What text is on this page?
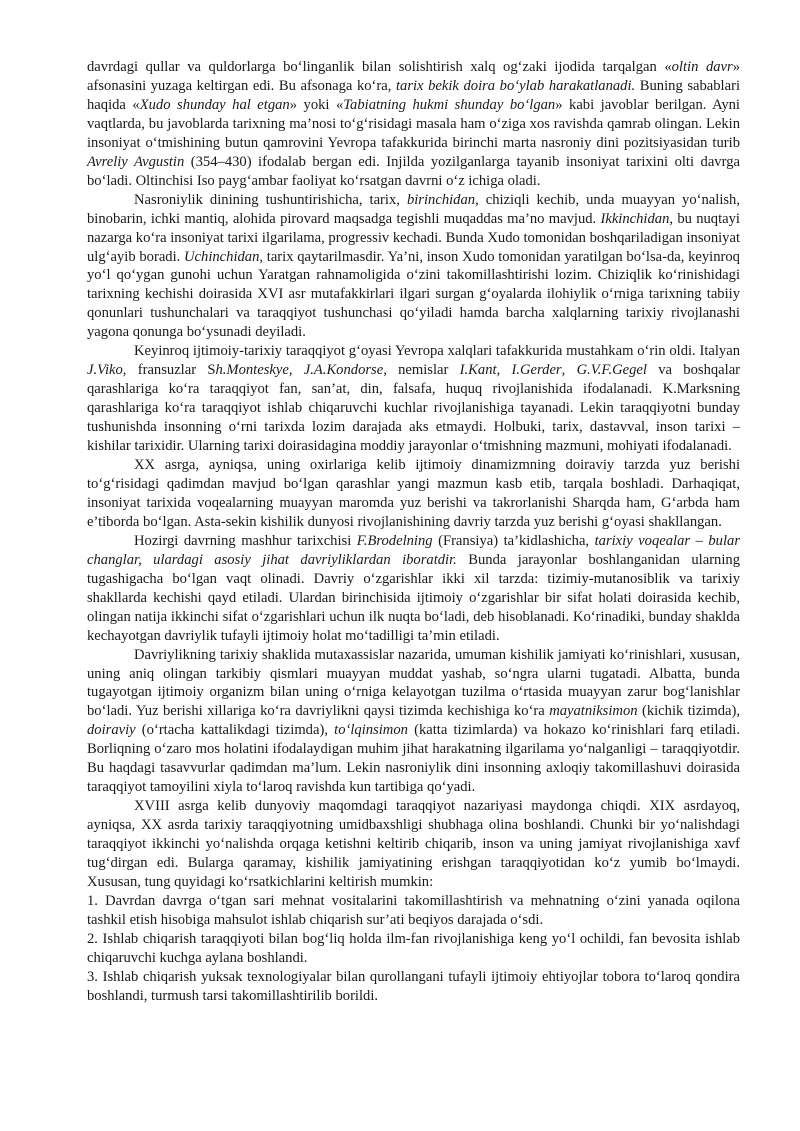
davrdagi qullar va quldorlarga bo‘linganlik bilan solishtirish xalq og‘zaki ijodida tarqalgan «oltin davr» afsonasini yuzaga keltirgan edi. Bu afsonaga ko‘ra, tarix bekik doira bo‘ylab harakatlanadi. Buning sabablari haqida «Xudo shunday hal etgan» yoki «Tabiatning hukmi shunday bo‘lgan» kabi javoblar berilgan. Ayni vaqtlarda, bu javoblarda tarixning ma’nosi to‘g‘risidagi masala ham o‘ziga xos ravishda qamrab olingan. Lekin insoniyat o‘tmishining butun qamrovini Yevropa tafakkurida birinchi marta nasroniy dini pozitsiyasidan turib Avreliy Avgustin (354–430) ifodalab bergan edi. Injilda yozilganlarga tayanib insoniyat tarixini olti davrga bo‘ladi. Oltinchisi Iso payg‘ambar faoliyat ko‘rsatgan davrni o‘z ichiga oladi.

Nasroniylik dinining tushuntirishicha, tarix, birinchidan, chiziqli kechib, unda muayyan yo‘nalish, binobarin, ichki mantiq, alohida pirovard maqsadga tegishli muqaddas ma’no mavjud. Ikkinchidan, bu nuqtayi nazarga ko‘ra insoniyat tarixi ilgarilama, progressiv kechadi. Bunda Xudo tomonidan boshqariladigan insoniyat ulg‘ayib boradi. Uchinchidan, tarix qaytarilmasdir. Ya’ni, inson Xudo tomonidan yaratilgan bo‘lsa-da, keyinroq yo‘l qo‘ygan gunohi uchun Yaratgan rahnamoligida o‘zini takomillashtirishi lozim. Chiziqlik ko‘rinishidagi tarixning kechishi doirasida XVI asr mutafakkirlari ilgari surgan g‘oyalarda ilohiylik o‘rniga tarixning tabiiy qonunlari tushunchalari va taraqqiyot tushunchasi qo‘yiladi hamda barcha xalqlarning tarixiy rivojlanashi yagona qonunga bo‘ysunadi deyiladi.

Keyinroq ijtimoiy-tarixiy taraqqiyot g‘oyasi Yevropa xalqlari tafakkurida mustahkam o‘rin oldi. Italyan J.Viko, fransuzlar Sh.Monteskye, J.A.Kondorse, nemislar I.Kant, I.Gerder, G.V.F.Gegel va boshqalar qarashlariga ko‘ra taraqqiyot fan, san’at, din, falsafa, huquq rivojlanishida ifodalanadi. K.Marksning qarashlariga ko‘ra taraqqiyot ishlab chiqaruvchi kuchlar rivojlanishiga tayanadi. Lekin taraqqiyotni bunday tushunishda insonning o‘rni tarixda lozim darajada aks etmaydi. Holbuki, tarix, dastavval, inson tarixi – kishilar tarixidir. Ularning tarixi doirasidagina moddiy jarayonlar o‘tmishning mazmuni, mohiyati ifodalanadi.

XX asrga, ayniqsa, uning oxirlariga kelib ijtimoiy dinamizmning doiraviy tarzda yuz berishi to‘g‘risidagi qadimdan mavjud bo‘lgan qarashlar yangi mazmun kasb etib, tarqala boshladi. Darhaqiqat, insoniyat tarixida voqealarning muayyan maromda yuz berishi va takrorlanishi Sharqda ham, G‘arbda ham e’tiborda bo‘lgan. Asta-sekin kishilik dunyosi rivojlanishining davriy tarzda yuz berishi g‘oyasi shakllangan.

Hozirgi davrning mashhur tarixchisi F.Brodelning (Fransiya) ta’kidlashicha, tarixiy voqealar – bular changlar, ulardagi asosiy jihat davriyliklardan iboratdir. Bunda jarayonlar boshlanganidan ularning tugashigacha bo‘lgan vaqt olinadi. Davriy o‘zgarishlar ikki xil tarzda: tizimiy-mutanosiblik va tarixiy shakllarda kechishi qayd etiladi. Ulardan birinchisida ijtimoiy o‘zgarishlar bir sifat holati doirasida kechib, olingan natija ikkinchi sifat o‘zgarishlari uchun ilk nuqta bo‘ladi, deb hisoblanadi. Ko‘rinadiki, bunday shaklda kechayotgan davriylik tufayli ijtimoiy holat mo‘tadilligi ta’min etiladi.

Davriylikning tarixiy shaklida mutaxassislar nazarida, umuman kishilik jamiyati ko‘rinishlari, xususan, uning aniq olingan tarkibiy qismlari muayyan muddat yashab, so‘ngra ularni tugatadi. Albatta, bunda tugayotgan ijtimoiy organizm bilan uning o‘rniga kelayotgan tuzilma o‘rtasida muayyan zarur bog‘lanishlar bo‘ladi. Yuz berishi xillariga ko‘ra davriylikni qaysi tizimda kechishiga ko‘ra mayatniksimon (kichik tizimda), doiraviy (o‘rtacha kattalikdagi tizimda), to‘lqinsimon (katta tizimlarda) va hokazo ko‘rinishlari farq etiladi. Borliqning o‘zaro mos holatini ifodalaydigan muhim jihat harakatning ilgarilama yo‘nalganligi – taraqqiyotdir. Bu haqdagi tasavvurlar qadimdan ma’lum. Lekin nasroniylik dini insonning axloqiy takomillashuvi doirasida taraqqiyot tamoyilini xiyla to‘laroq ravishda kun tartibiga qo‘yadi.

XVIII asrga kelib dunyoviy maqomdagi taraqqiyot nazariyasi maydonga chiqdi. XIX asrdayoq, ayniqsa, XX asrda tarixiy taraqqiyotning umidbaxshligi shubhaga olina boshlandi. Chunki bir yo‘nalishdagi taraqqiyot ikkinchi yo‘nalishda orqaga ketishni keltirib chiqarib, inson va uning jamiyat rivojlanishiga xavf tug‘dirgan edi. Bularga qaramay, kishilik jamiyatining erishgan taraqqiyotidan ko‘z yumib bo‘lmaydi. Xususan, tung quyidagi ko‘rsatkichlarini keltirish mumkin:

1. Davrdan davrga o‘tgan sari mehnat vositalarini takomillashtirish va mehnatning o‘zini yanada oqilona tashkil etish hisobiga mahsulot ishlab chiqarish sur’ati beqiyos darajada o‘sdi.

2. Ishlab chiqarish taraqqiyoti bilan bog‘liq holda ilm-fan rivojlanishiga keng yo‘l ochildi, fan bevosita ishlab chiqaruvchi kuchga aylana boshlandi.

3. Ishlab chiqarish yuksak texnologiyalar bilan qurollangani tufayli ijtimoiy ehtiyojlar tobora to‘laroq qondira boshlandi, turmush tarsi takomillashtirilib borildi.
